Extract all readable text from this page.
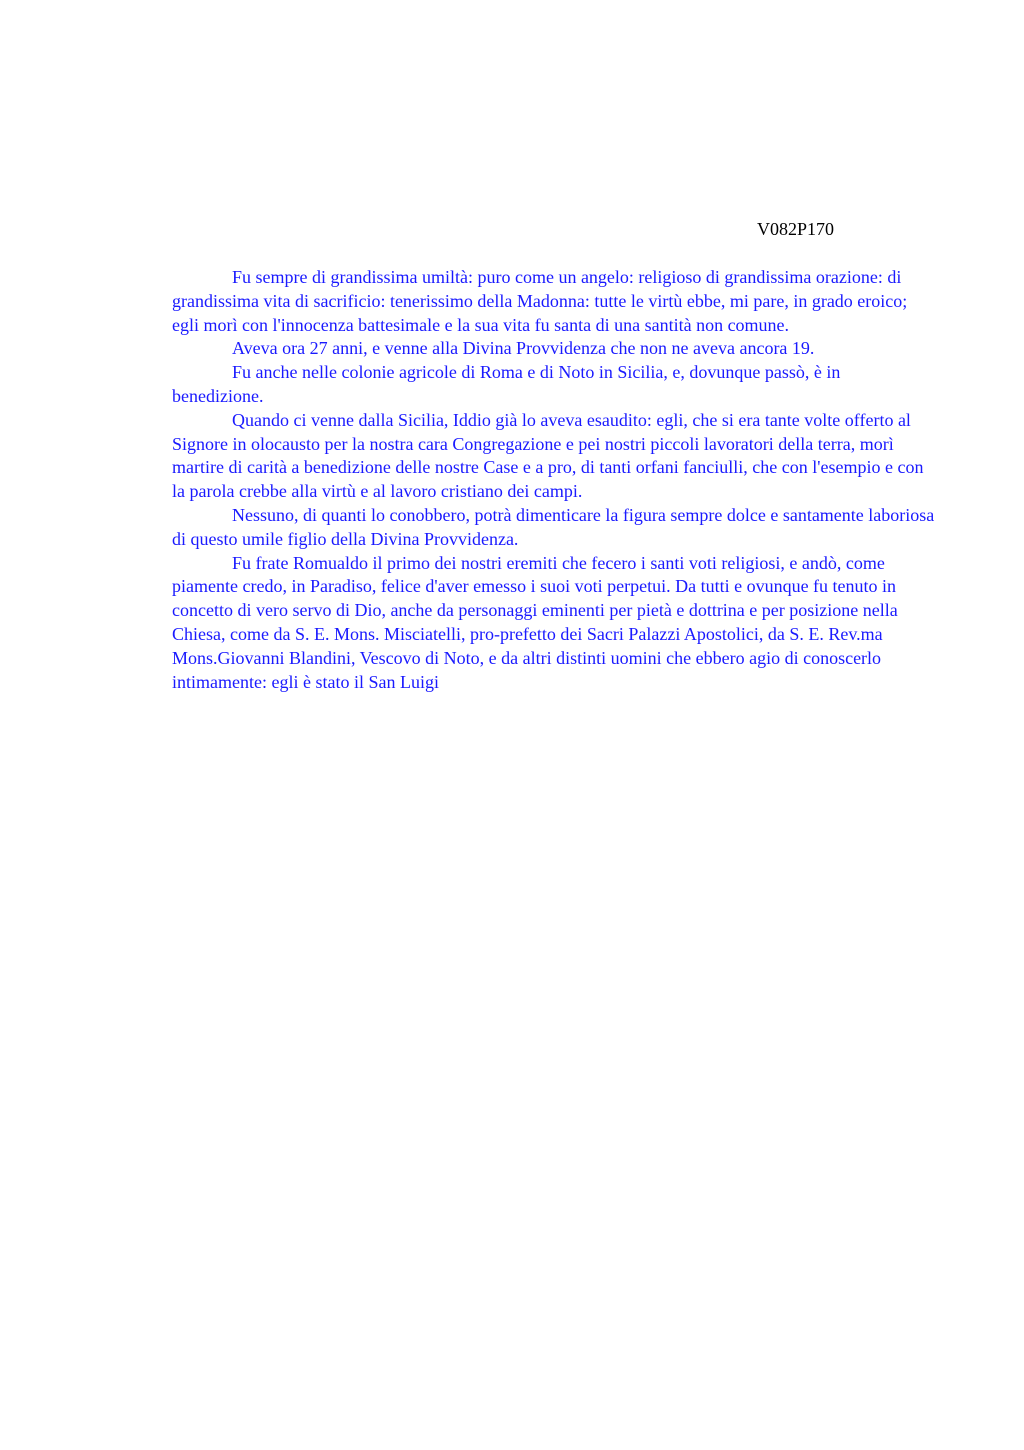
V082P170

Fu sempre di grandissima umiltà: puro come un angelo: religioso di grandissima orazione: di grandissima vita di sacrificio: tenerissimo della Madonna: tutte le virtù ebbe, mi pare, in grado eroico; egli morì con l'innocenza battesimale e la sua vita fu santa di una santità non comune.

Aveva ora 27 anni, e venne alla Divina Provvidenza che non ne aveva ancora 19.

Fu anche nelle colonie agricole di Roma e di Noto in Sicilia, e, dovunque passò, è in benedizione.

Quando ci venne dalla Sicilia, Iddio già lo aveva esaudito: egli, che si era tante volte offerto al Signore in olocausto per la nostra cara Congregazione e pei nostri piccoli lavoratori della terra, morì martire di carità a benedizione delle nostre Case e a pro, di tanti orfani fanciulli, che con l'esempio e con la parola crebbe alla virtù e al lavoro cristiano dei campi.

Nessuno, di quanti lo conobbero, potrà dimenticare la figura sempre dolce e santamente laboriosa di questo umile figlio della Divina Provvidenza.

Fu frate Romualdo il primo dei nostri eremiti che fecero i santi voti religiosi, e andò, come piamente credo, in Paradiso, felice d'aver emesso i suoi voti perpetui. Da tutti e ovunque fu tenuto in concetto di vero servo di Dio, anche da personaggi eminenti per pietà e dottrina e per posizione nella Chiesa, come da S. E. Mons. Misciatelli, pro-prefetto dei Sacri Palazzi Apostolici, da S. E. Rev.ma Mons.Giovanni Blandini, Vescovo di Noto, e da altri distinti uomini che ebbero agio di conoscerlo intimamente: egli è stato il San Luigi
